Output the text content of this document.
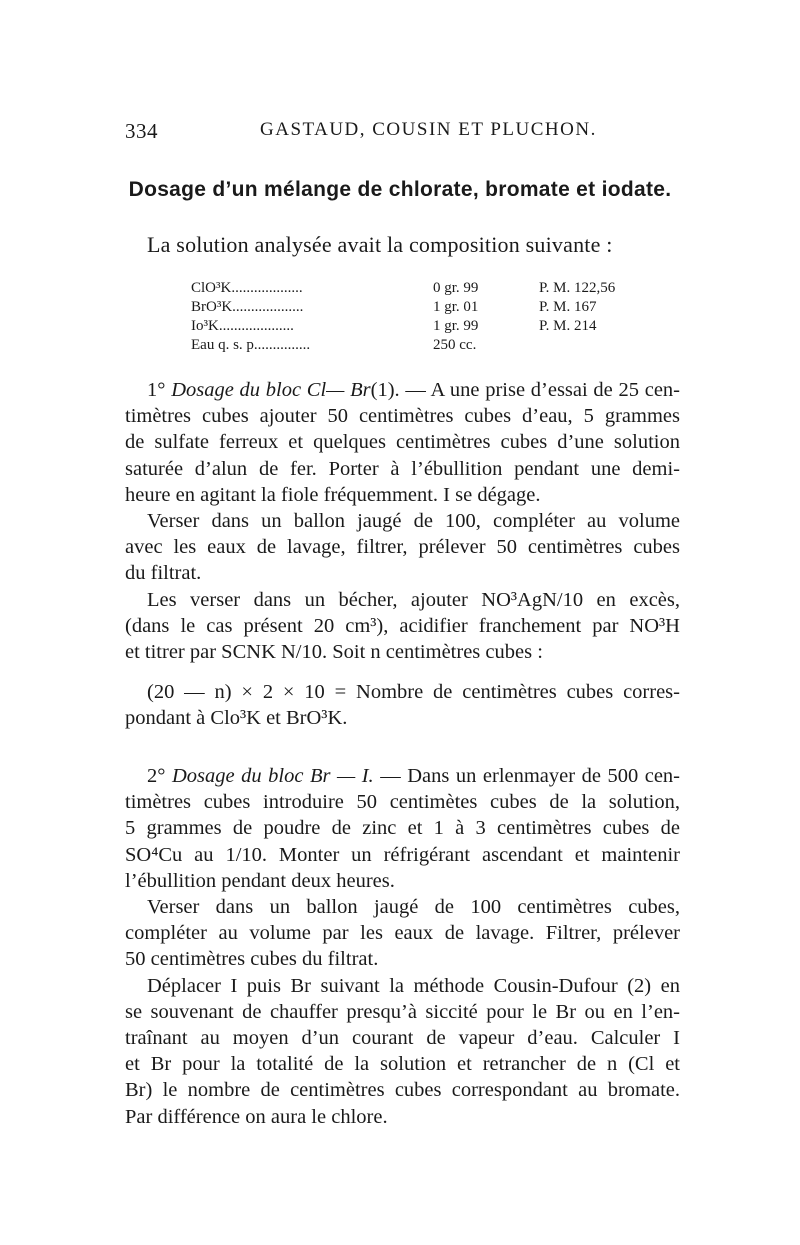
334	GASTAUD, COUSIN ET PLUCHON.
Dosage d’un mélange de chlorate, bromate et iodate.
La solution analysée avait la composition suivante :
ClO³K...................	0 gr. 99	P. M. 122,56
BrO³K...................	1 gr. 01	P. M. 167
Io³K....................	1 gr. 99	P. M. 214
Eau q. s. p...............	250 cc.

1° Dosage du bloc Cl— Br(1). — A une prise d’essai de 25 cen-

timètres cubes ajouter 50 centimètres cubes d’eau, 5 grammes

de sulfate ferreux et quelques centimètres cubes d’une solution

saturée d’alun de fer. Porter à l’ébullition pendant une demi-

heure en agitant la fiole fréquemment. I se dégage.

Verser dans un ballon jaugé de 100, compléter au volume

avec les eaux de lavage, filtrer, prélever 50 centimètres cubes

du filtrat.

Les verser dans un bécher, ajouter NO³AgN/10 en excès,

(dans le cas présent 20 cm³), acidifier franchement par NO³H

et titrer par SCNK N/10. Soit n centimètres cubes :

(20 — n) × 2 × 10 = Nombre de centimètres cubes corres-

pondant à Clo³K et BrO³K.

2° Dosage du bloc Br — I. — Dans un erlenmayer de 500 cen-

timètres cubes introduire 50 centimètes cubes de la solution,

5 grammes de poudre de zinc et 1 à 3 centimètres cubes de

SO⁴Cu au 1/10. Monter un réfrigérant ascendant et maintenir

l’ébullition pendant deux heures.

Verser dans un ballon jaugé de 100 centimètres cubes,

compléter au volume par les eaux de lavage. Filtrer, prélever

50 centimètres cubes du filtrat.

Déplacer I puis Br suivant la méthode Cousin-Dufour (2) en

se souvenant de chauffer presqu’à siccité pour le Br ou en l’en-

traînant au moyen d’un courant de vapeur d’eau. Calculer I

et Br pour la totalité de la solution et retrancher de n (Cl et

Br) le nombre de centimètres cubes correspondant au bromate.

Par différence on aura le chlore.
